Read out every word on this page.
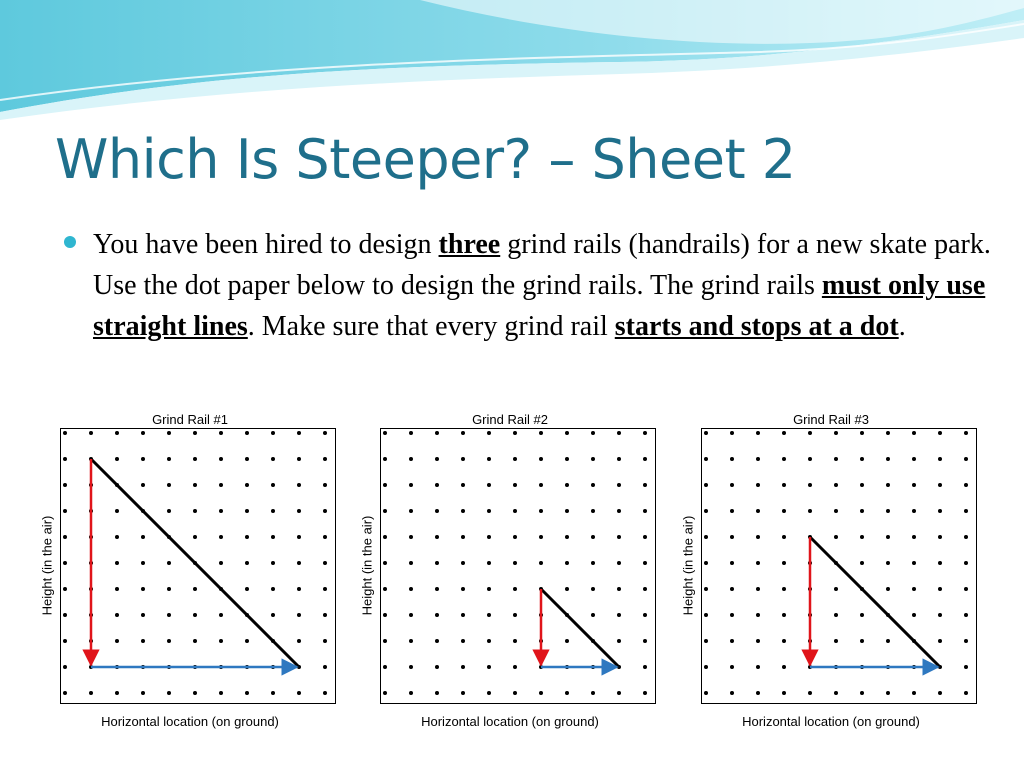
Which Is Steeper? – Sheet 2
You have been hired to design three grind rails (handrails) for a new skate park. Use the dot paper below to design the grind rails. The grind rails must only use straight lines. Make sure that every grind rail starts and stops at a dot.
Grind Rail #1
Height (in the air)
Horizontal location (on ground)
Grind Rail #2
Height (in the air)
Horizontal location (on ground)
Grind Rail #3
Height (in the air)
Horizontal location (on ground)
